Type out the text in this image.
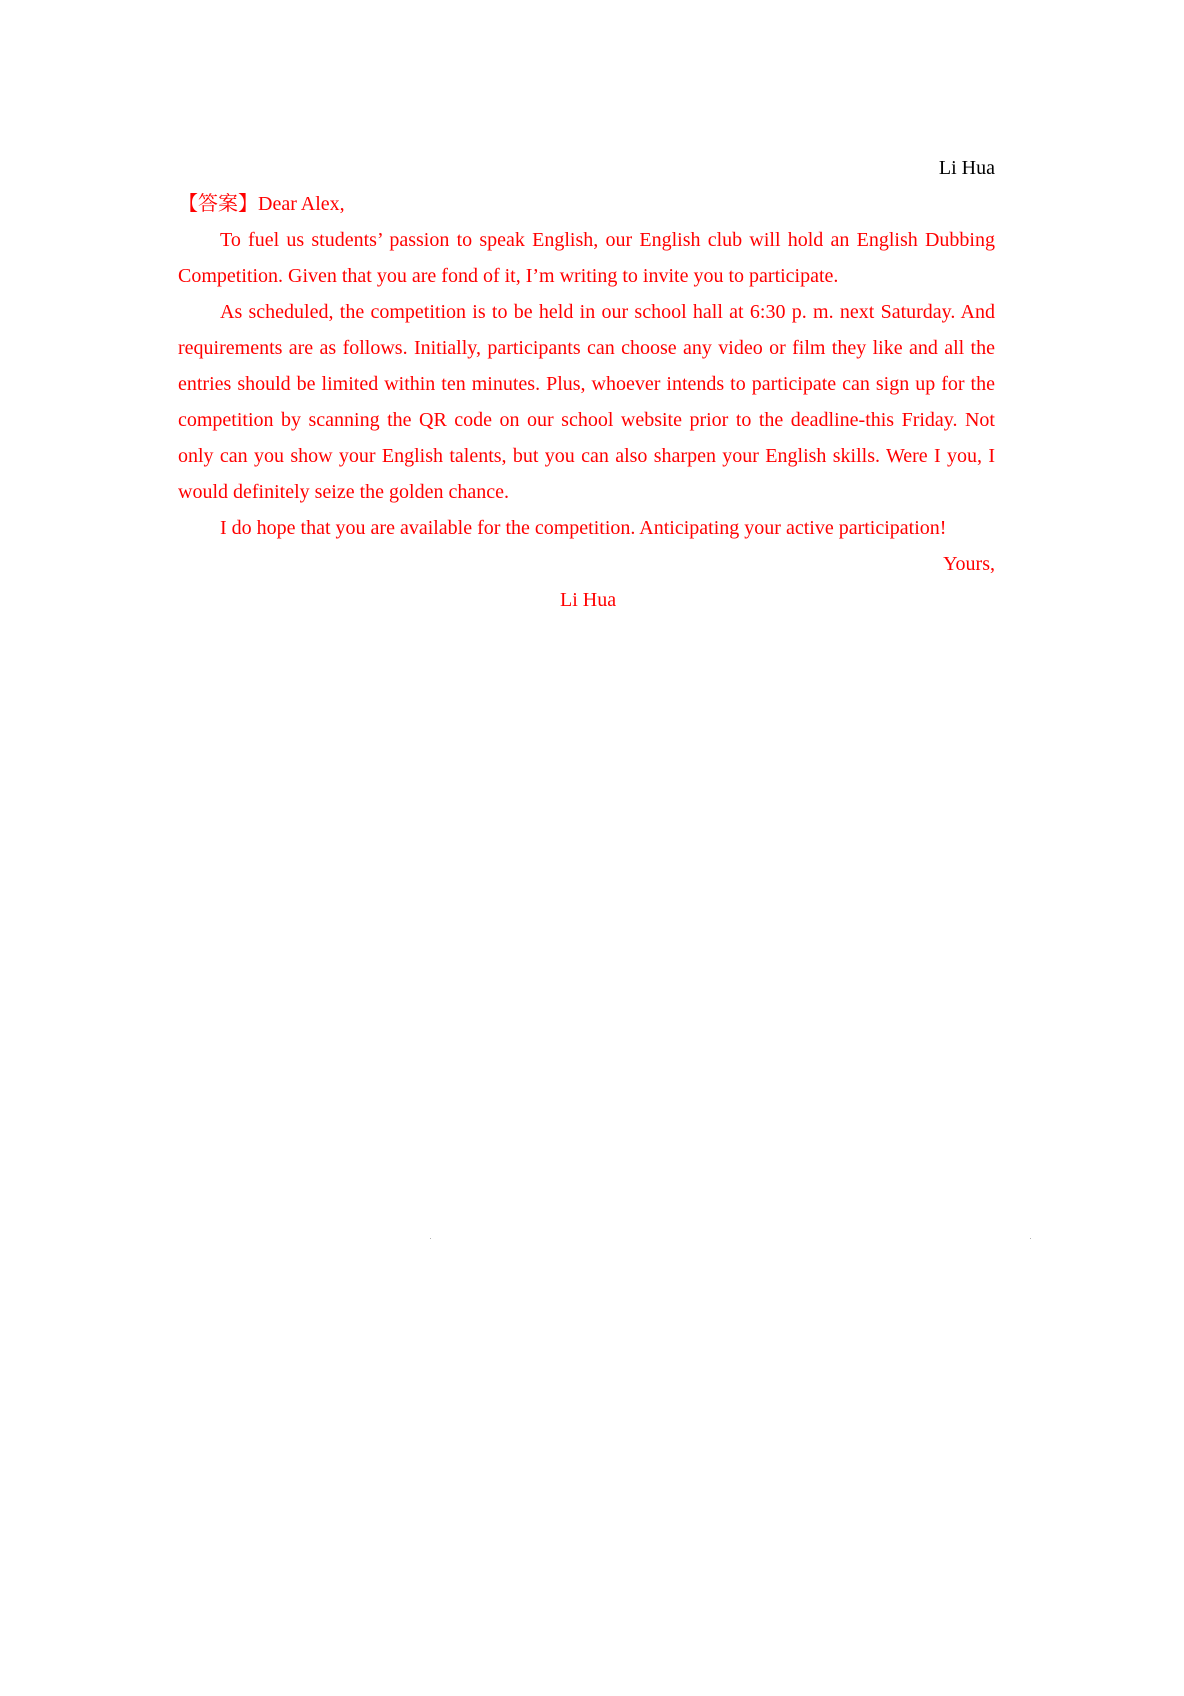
Li Hua

【答案】Dear Alex,

To fuel us students’ passion to speak English, our English club will hold an English Dubbing Competition. Given that you are fond of it, I’m writing to invite you to participate.

As scheduled, the competition is to be held in our school hall at 6:30 p. m. next Saturday. And requirements are as follows. Initially, participants can choose any video or film they like and all the entries should be limited within ten minutes. Plus, whoever intends to participate can sign up for the competition by scanning the QR code on our school website prior to the deadline-this Friday. Not only can you show your English talents, but you can also sharpen your English skills. Were I you, I would definitely seize the golden chance.

I do hope that you are available for the competition. Anticipating your active participation!

Yours,

Li Hua
